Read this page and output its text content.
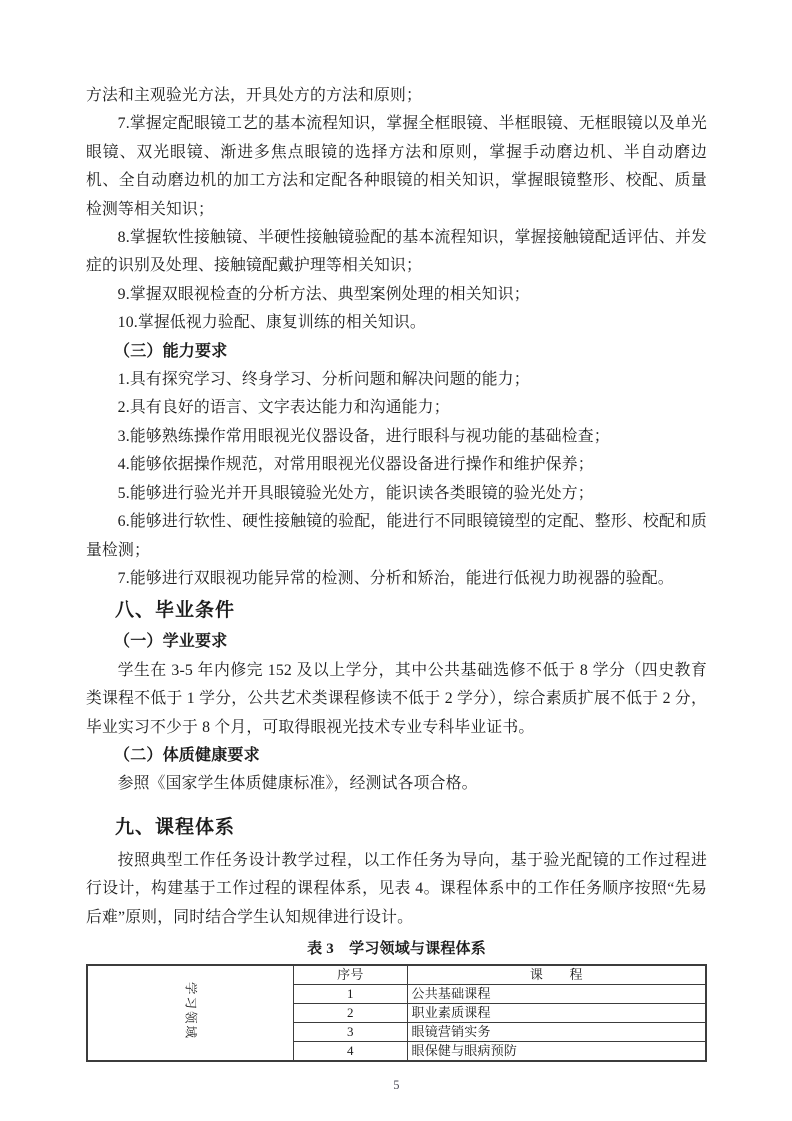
方法和主观验光方法，开具处方的方法和原则；

7.掌握定配眼镜工艺的基本流程知识，掌握全框眼镜、半框眼镜、无框眼镜以及单光眼镜、双光眼镜、渐进多焦点眼镜的选择方法和原则，掌握手动磨边机、半自动磨边机、全自动磨边机的加工方法和定配各种眼镜的相关知识，掌握眼镜整形、校配、质量检测等相关知识；

8.掌握软性接触镜、半硬性接触镜验配的基本流程知识，掌握接触镜配适评估、并发症的识别及处理、接触镜配戴护理等相关知识；

9.掌握双眼视检查的分析方法、典型案例处理的相关知识；

10.掌握低视力验配、康复训练的相关知识。

（三）能力要求

1.具有探究学习、终身学习、分析问题和解决问题的能力；

2.具有良好的语言、文字表达能力和沟通能力；

3.能够熟练操作常用眼视光仪器设备，进行眼科与视功能的基础检查；

4.能够依据操作规范，对常用眼视光仪器设备进行操作和维护保养；

5.能够进行验光并开具眼镜验光处方，能识读各类眼镜的验光处方；

6.能够进行软性、硬性接触镜的验配，能进行不同眼镜镜型的定配、整形、校配和质量检测；

7.能够进行双眼视功能异常的检测、分析和矫治，能进行低视力助视器的验配。

八、毕业条件

（一）学业要求

学生在 3-5 年内修完 152 及以上学分，其中公共基础选修不低于 8 学分（四史教育类课程不低于 1 学分，公共艺术类课程修读不低于 2 学分），综合素质扩展不低于 2 分，毕业实习不少于 8 个月，可取得眼视光技术专业专科毕业证书。

（二）体质健康要求

参照《国家学生体质健康标准》，经测试各项合格。

九、课程体系

按照典型工作任务设计教学过程，以工作任务为导向，基于验光配镜的工作过程进行设计，构建基于工作过程的课程体系，见表 4。课程体系中的工作任务顺序按照“先易后难”原则，同时结合学生认知规律进行设计。

表 3　学习领域与课程体系

学习领域	序号	课　　程
	1	公共基础课程
	2	职业素质课程
	3	眼镜营销实务
	4	眼保健与眼病预防
5
